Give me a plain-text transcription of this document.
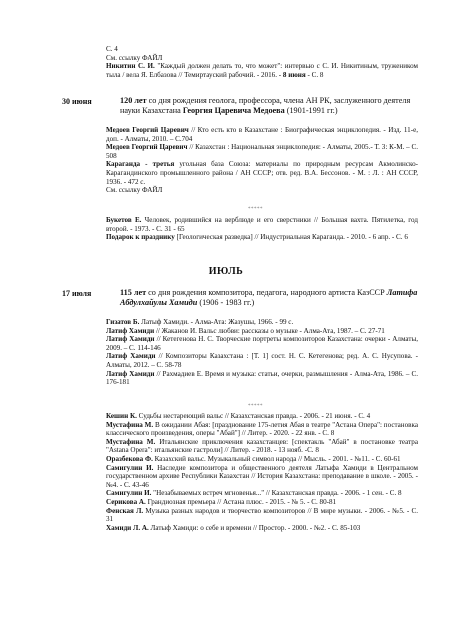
С. 4

См. ссылку ФАЙЛ

Никитин С. И. "Каждый должен делать то, что может": интервью с С. И. Никитиным, тружеником тыла / вела Я. Елбазова // Темиртауский рабочий. - 2016. - 8 июня - С. 8

30 июня	120 лет со дня рождения геолога, профессора, члена АН РК, заслуженного деятеля науки Казахстана Георгия Царевича Медоева (1901-1991 гг.)

Медоев Георгий Царевич // Кто есть кто в Казахстане : Биографическая энциклопедия. - Изд. 11-е, доп. - Алматы, 2010. – С.704

Медоев Георгий Царевич // Казахстан : Национальная энциклопедия: - Алматы, 2005.- Т. 3: К-М. – С. 508

Караганда - третья угольная база Союза: материалы по природным ресурсам Акмолинско-Карагандинского промышленного района / АН СССР; отв. ред. В.А. Бессонов. - М. : Л. : АН СССР, 1936. - 472 с.

См. ссылку ФАЙЛ

*****

Букетов Е. Человек, родившийся на верблюде и его сверстники // Большая вахта. Пятилетка, год второй. - 1973. - С. 31 - 65

Подарок к празднику [Геологическая разведка] // Индустриальная Караганда. - 2010. - 6 апр. - С. 6

ИЮЛЬ
17 июля	115 лет со дня рождения композитора, педагога, народного артиста КазССР Латифа Абдулхайулы Хамиди (1906 - 1983 гг.)

Гизатов Б. Латыф Хамиди. - Алма-Ата: Жазушы, 1966. - 99 с.

Латиф Хамиди // Жаканов И. Вальс любви: рассказы о музыке - Алма-Ата, 1987. – С. 27-71

Латиф Хамиди // Кетегенова Н. С. Творческие портреты композиторов Казахстана: очерки - Алматы, 2009. – С. 114-146

Латиф Хамиди // Композиторы Казахстана : [Т. 1] сост. Н. С. Кетегенова; ред. А. С. Нусупова. - Алматы, 2012. – С. 58-78

Латиф Хамиди // Рахмадиев Е. Время и музыка: статьи, очерки, размышления - Алма-Ата, 1986. – С. 176-181

*****

Кешин К. Судьбы нестареющий вальс // Казахстанская правда. - 2006. - 21 июня. - С. 4

Мустафина М. В ожидании Абая: [празднование 175-летия Абая в театре "Астана Опера": постановка классического произведения, оперы "Абай"] // Литер. - 2020. - 22 янв. - С. 8

Мустафина М. Итальянские приключения казахстанцев: [спектакль "Абай" в постановке театра "Astana Opera": итальянские гастроли] // Литер. - 2018. - 13 нояб. -С. 8

Оразбекова Ф. Казахский вальс. Музыкальный символ народа // Мысль. - 2001. - №11. - С. 60-61

Самигулин И. Наследие композитора и общественного деятеля Латыфа Хамиди в Центральном государственном архиве Республики Казахстан // История Казахстана: преподавание в школе. - 2005. - №4. - С. 43-46

Самигулин И. "Незабываемых встреч мгновенья..." // Казахстанская правда. - 2006. - 1 сен. - С. 8

Серикова А. Грандиозная премьера // Астана плюс. - 2015. - № 5. - С. 80-81

Фенская Л. Музыка разных народов и творчество композиторов // В мире музыки. - 2006. - №5. - С. 31

Хамиди Л. А. Латыф Хамиди: о себе и времени // Простор. - 2000. - №2. - С. 85-103
